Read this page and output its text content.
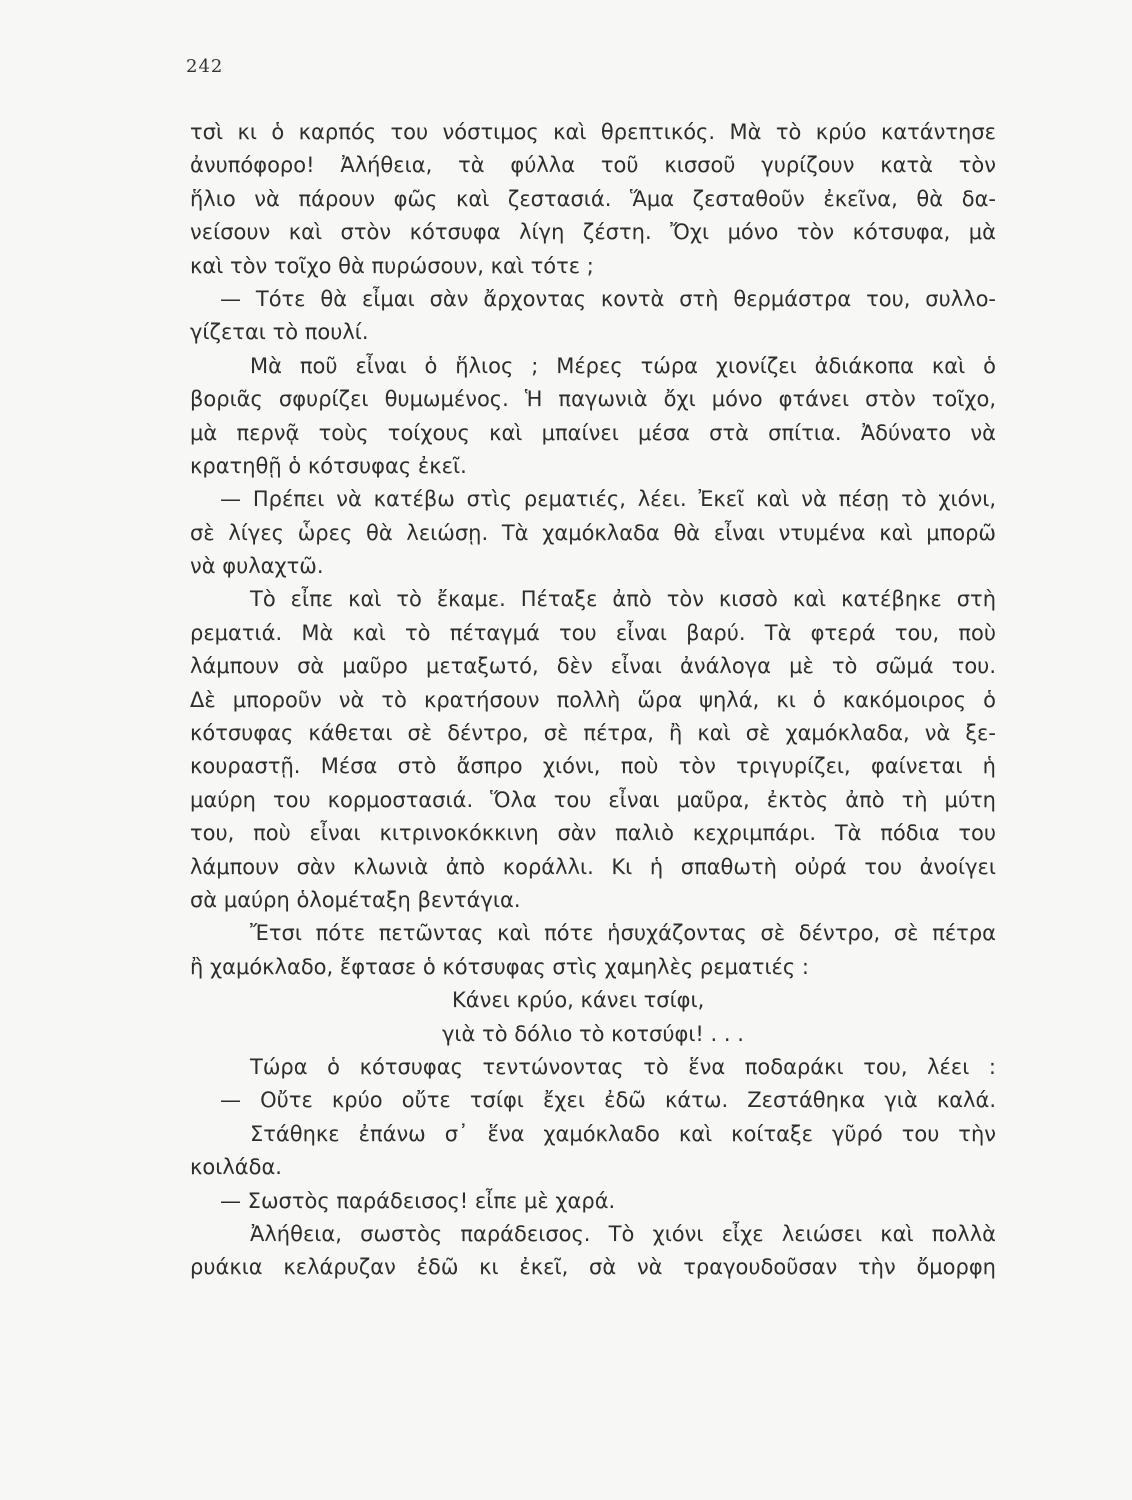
242
τσὶ κι ὁ καρπός του νόστιμος καὶ θρεπτικός. Μὰ τὸ κρύο κατάντησε
ἀνυπόφορο! Ἀλήθεια, τὰ φύλλα τοῦ κισσοῦ γυρίζουν κατὰ τὸν
ἥλιο νὰ πάρουν φῶς καὶ ζεστασιά. Ἅμα ζεσταθοῦν ἐκεῖνα, θὰ δα-
νείσουν καὶ στὸν κότσυφα λίγη ζέστη. Ὄχι μόνο τὸν κότσυφα, μὰ
καὶ τὸν τοῖχο θὰ πυρώσουν, καὶ τότε ;
— Τότε θὰ εἶμαι σὰν ἄρχοντας κοντὰ στὴ θερμάστρα του, συλλο-
γίζεται τὸ πουλί.
Μὰ ποῦ εἶναι ὁ ἥλιος ; Μέρες τώρα χιονίζει ἀδιάκοπα καὶ ὁ
βοριᾶς σφυρίζει θυμωμένος. Ἡ παγωνιὰ ὄχι μόνο φτάνει στὸν τοῖχο,
μὰ περνᾷ τοὺς τοίχους καὶ μπαίνει μέσα στὰ σπίτια. Ἀδύνατο νὰ
κρατηθῇ ὁ κότσυφας ἐκεῖ.
— Πρέπει νὰ κατέβω στὶς ρεματιές, λέει. Ἐκεῖ καὶ νὰ πέσῃ τὸ χιόνι,
σὲ λίγες ὧρες θὰ λειώσῃ. Τὰ χαμόκλαδα θὰ εἶναι ντυμένα καὶ μπορῶ
νὰ φυλαχτῶ.
Τὸ εἶπε καὶ τὸ ἔκαμε. Πέταξε ἀπὸ τὸν κισσὸ καὶ κατέβηκε στὴ
ρεματιά. Μὰ καὶ τὸ πέταγμά του εἶναι βαρύ. Τὰ φτερά του, ποὺ
λάμπουν σὰ μαῦρο μεταξωτό, δὲν εἶναι ἀνάλογα μὲ τὸ σῶμά του.
Δὲ μποροῦν νὰ τὸ κρατήσουν πολλὴ ὥρα ψηλά, κι ὁ κακόμοιρος ὁ
κότσυφας κάθεται σὲ δέντρο, σὲ πέτρα, ἢ καὶ σὲ χαμόκλαδα, νὰ ξε-
κουραστῇ. Μέσα στὸ ἄσπρο χιόνι, ποὺ τὸν τριγυρίζει, φαίνεται ἡ
μαύρη του κορμοστασιά. Ὅλα του εἶναι μαῦρα, ἐκτὸς ἀπὸ τὴ μύτη
του, ποὺ εἶναι κιτρινοκόκκινη σὰν παλιὸ κεχριμπάρι. Τὰ πόδια του
λάμπουν σὰν κλωνιὰ ἀπὸ κοράλλι. Κι ἡ σπαθωτὴ οὐρά του ἀνοίγει
σὰ μαύρη ὁλομέταξη βεντάγια.
Ἔτσι πότε πετῶντας καὶ πότε ἡσυχάζοντας σὲ δέντρο, σὲ πέτρα
ἢ χαμόκλαδο, ἔφτασε ὁ κότσυφας στὶς χαμηλὲς ρεματιές :
Κάνει κρύο, κάνει τσίφι,
γιὰ τὸ δόλιο τὸ κοτσύφι! . . .
Τώρα ὁ κότσυφας τεντώνοντας τὸ ἕνα ποδαράκι του, λέει :
— Οὔτε κρύο οὔτε τσίφι ἔχει ἐδῶ κάτω. Ζεστάθηκα γιὰ καλά.
Στάθηκε ἐπάνω σ᾿ ἕνα χαμόκλαδο καὶ κοίταξε γῦρό του τὴν
κοιλάδα.
— Σωστὸς παράδεισος! εἶπε μὲ χαρά.
Ἀλήθεια, σωστὸς παράδεισος. Τὸ χιόνι εἶχε λειώσει καὶ πολλὰ
ρυάκια κελάρυζαν ἐδῶ κι ἐκεῖ, σὰ νὰ τραγουδοῦσαν τὴν ὄμορφη
